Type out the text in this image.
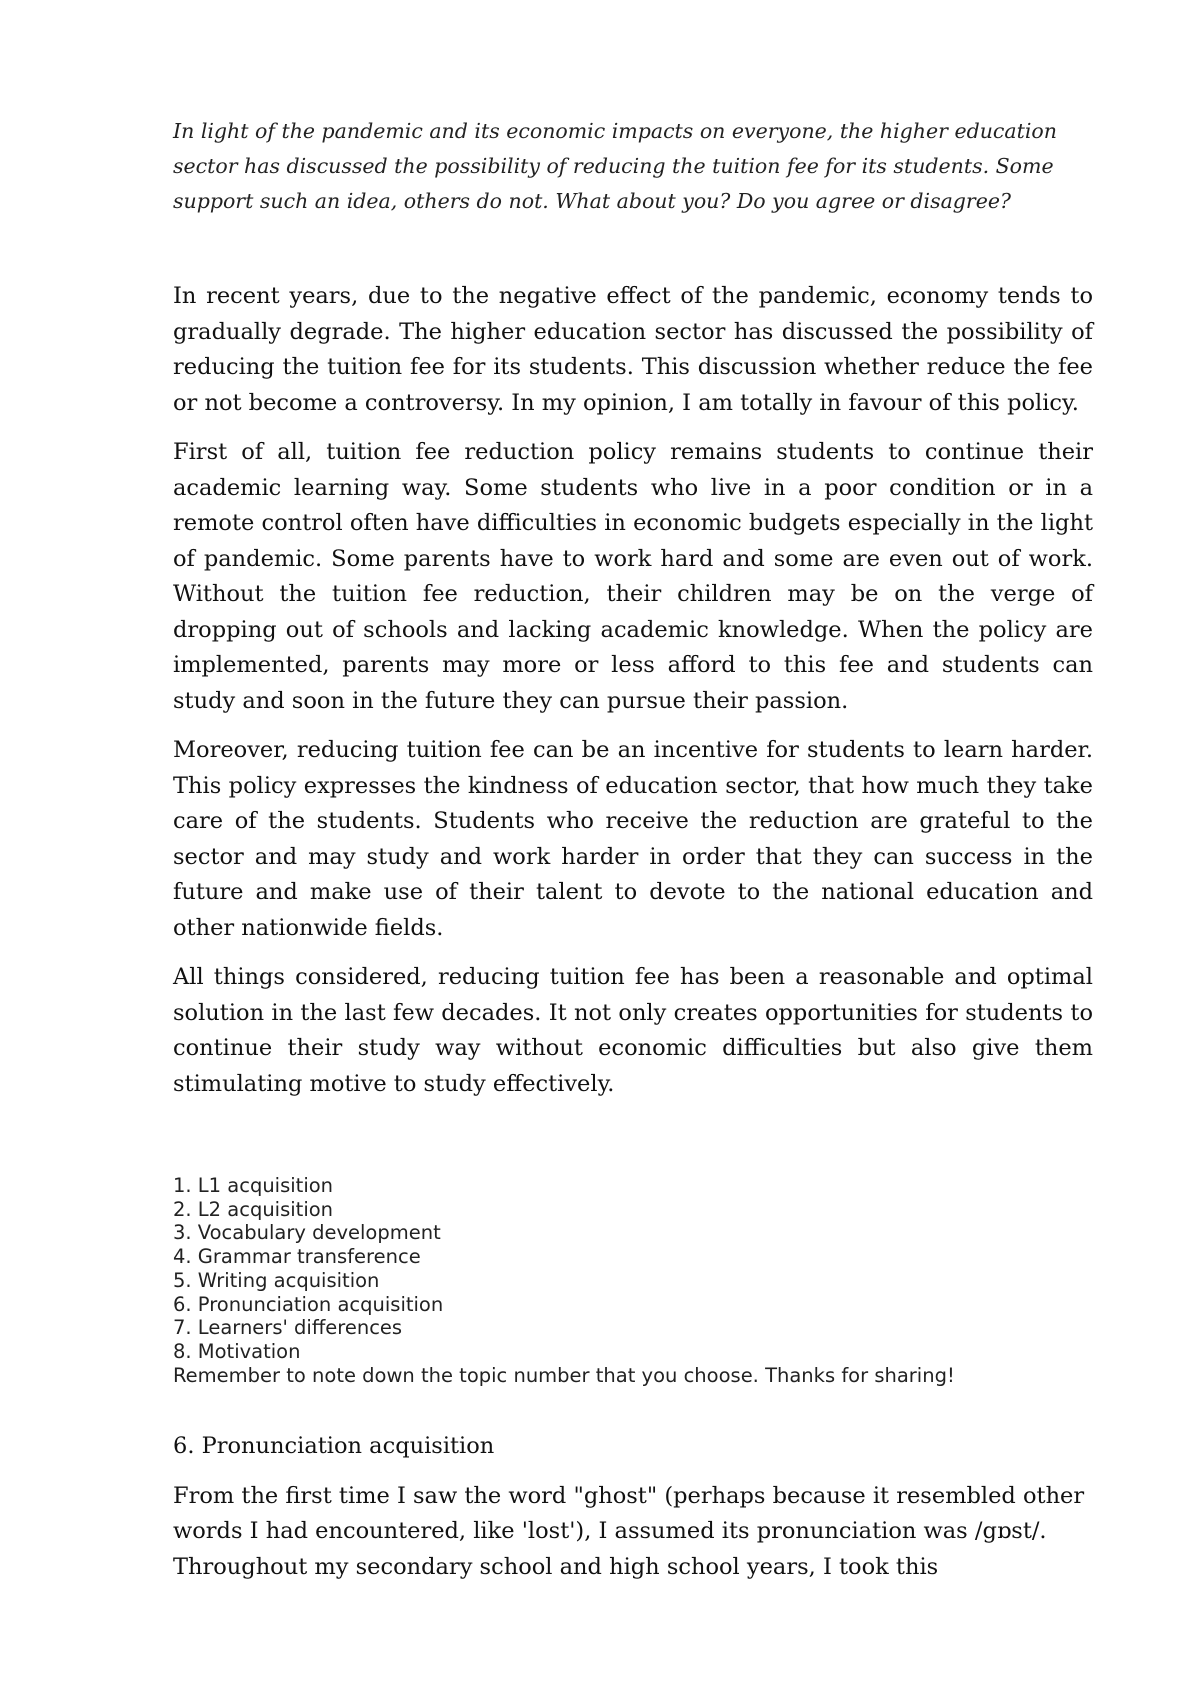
In light of the pandemic and its economic impacts on everyone, the higher education sector has discussed the possibility of reducing the tuition fee for its students. Some support such an idea, others do not. What about you? Do you agree or disagree?

In recent years, due to the negative effect of the pandemic, economy tends to gradually degrade. The higher education sector has discussed the possibility of reducing the tuition fee for its students. This discussion whether reduce the fee or not become a controversy. In my opinion, I am totally in favour of this policy.

First of all, tuition fee reduction policy remains students to continue their academic learning way. Some students who live in a poor condition or in a remote control often have difficulties in economic budgets especially in the light of pandemic. Some parents have to work hard and some are even out of work. Without the tuition fee reduction, their children may be on the verge of dropping out of schools and lacking academic knowledge. When the policy are implemented, parents may more or less afford to this fee and students can study and soon in the future they can pursue their passion.

Moreover, reducing tuition fee can be an incentive for students to learn harder. This policy expresses the kindness of education sector, that how much they take care of the students. Students who receive the reduction are grateful to the sector and may study and work harder in order that they can success in the future and make use of their talent to devote to the national education and other nationwide fields.

All things considered, reducing tuition fee has been a reasonable and optimal solution in the last few decades. It not only creates opportunities for students to continue their study way without economic difficulties but also give them stimulating motive to study effectively.

1. L1 acquisition
2. L2 acquisition
3. Vocabulary development
4. Grammar transference
5. Writing acquisition
6. Pronunciation acquisition
7. Learners' differences
8. Motivation

Remember to note down the topic number that you choose. Thanks for sharing!

6. Pronunciation acquisition

From the first time I saw the word "ghost" (perhaps because it resembled other words I had encountered, like 'lost'), I assumed its pronunciation was /gɒst/. Throughout my secondary school and high school years, I took this
